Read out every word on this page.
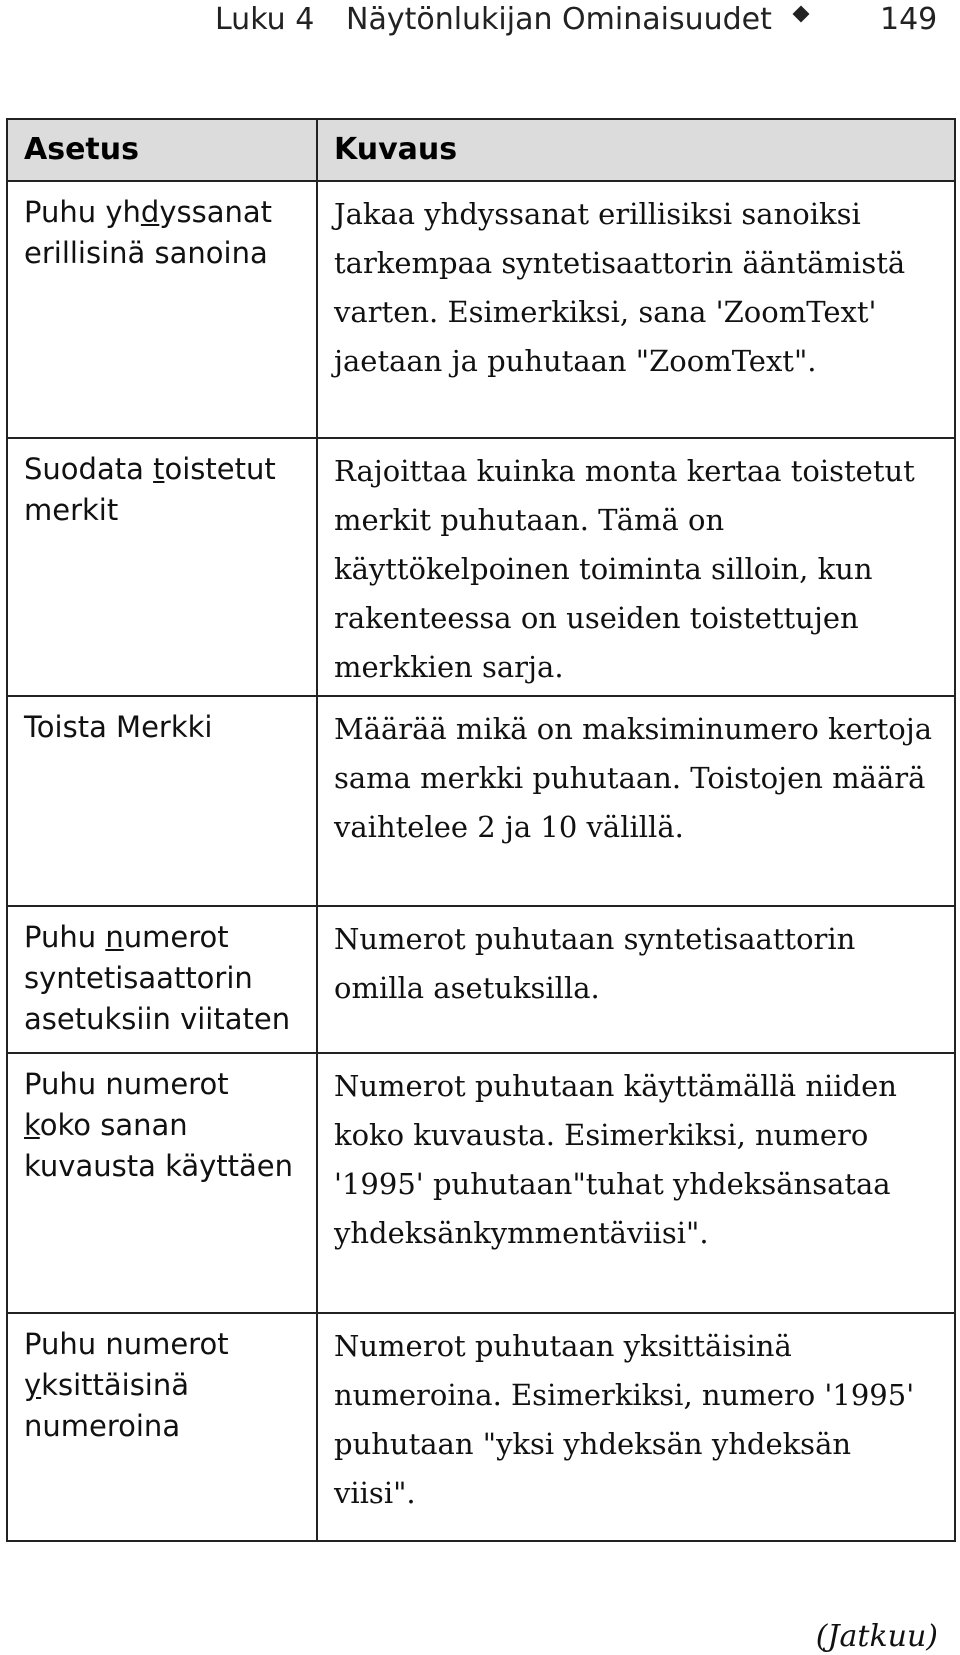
Luku 4 Näytönlukijan Ominaisuudet	149
Asetus	Kuvaus
Puhu yhdyssanat erillisinä sanoina	Jakaa yhdyssanat erillisiksi sanoiksi tarkempaa syntetisaattorin ääntämistä varten. Esimerkiksi, sana 'ZoomText' jaetaan ja puhutaan "ZoomText".
Suodata toistetut merkit	Rajoittaa kuinka monta kertaa toistetut merkit puhutaan. Tämä on käyttökelpoinen toiminta silloin, kun rakenteessa on useiden toistettujen merkkien sarja.
Toista Merkki	Määrää mikä on maksiminumero kertoja sama merkki puhutaan. Toistojen määrä vaihtelee 2 ja 10 välillä.
Puhu numerot syntetisaattorin asetuksiin viitaten	Numerot puhutaan syntetisaattorin omilla asetuksilla.
Puhu numerot koko sanan kuvausta käyttäen	Numerot puhutaan käyttämällä niiden koko kuvausta. Esimerkiksi, numero '1995' puhutaan"tuhat yhdeksänsataa yhdeksänkymmentäviisi".
Puhu numerot yksittäisinä numeroina	Numerot puhutaan yksittäisinä numeroina. Esimerkiksi, numero '1995' puhutaan "yksi yhdeksän yhdeksän viisi".
(Jatkuu)
